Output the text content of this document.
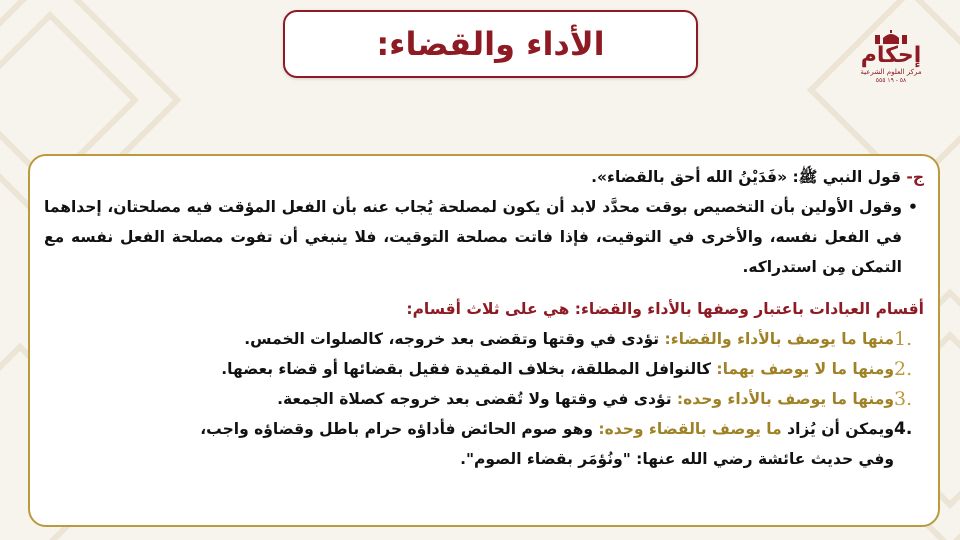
الأداء والقضاء:	إحكام
مركز العلوم الشرعية
٥٨ - ١٩ ٥٥٥
ج- قول النبي ﷺ: «فَدَيْنُ الله أحق بالقضاء».
•
وقول الأولين بأن التخصيص بوقت محدَّد لابد أن يكون لمصلحة يُجاب عنه بأن الفعل المؤقت فيه مصلحتان، إحداهما في الفعل نفسه، والأخرى في التوقيت، فإذا فاتت مصلحة التوقيت، فلا ينبغي أن تفوت مصلحة الفعل نفسه مع التمكن مِن استدراكه.
أقسام العبادات باعتبار وصفها بالأداء والقضاء: هي على ثلاث أقسام:
1.
منها ما يوصف بالأداء والقضاء: تؤدى في وقتها وتقضى بعد خروجه، كالصلوات الخمس.
2.
ومنها ما لا يوصف بهما: كالنوافل المطلقة، بخلاف المقيدة فقيل بقضائها أو قضاء بعضها.
3.
ومنها ما يوصف بالأداء وحده: تؤدى في وقتها ولا تُقضى بعد خروجه كصلاة الجمعة.
4.
ويمكن أن يُزاد ما يوصف بالقضاء وحده: وهو صوم الحائض فأداؤه حرام باطل وقضاؤه واجب،
وفي حديث عائشة رضي الله عنها: "ونُؤمَر بقضاء الصوم".
